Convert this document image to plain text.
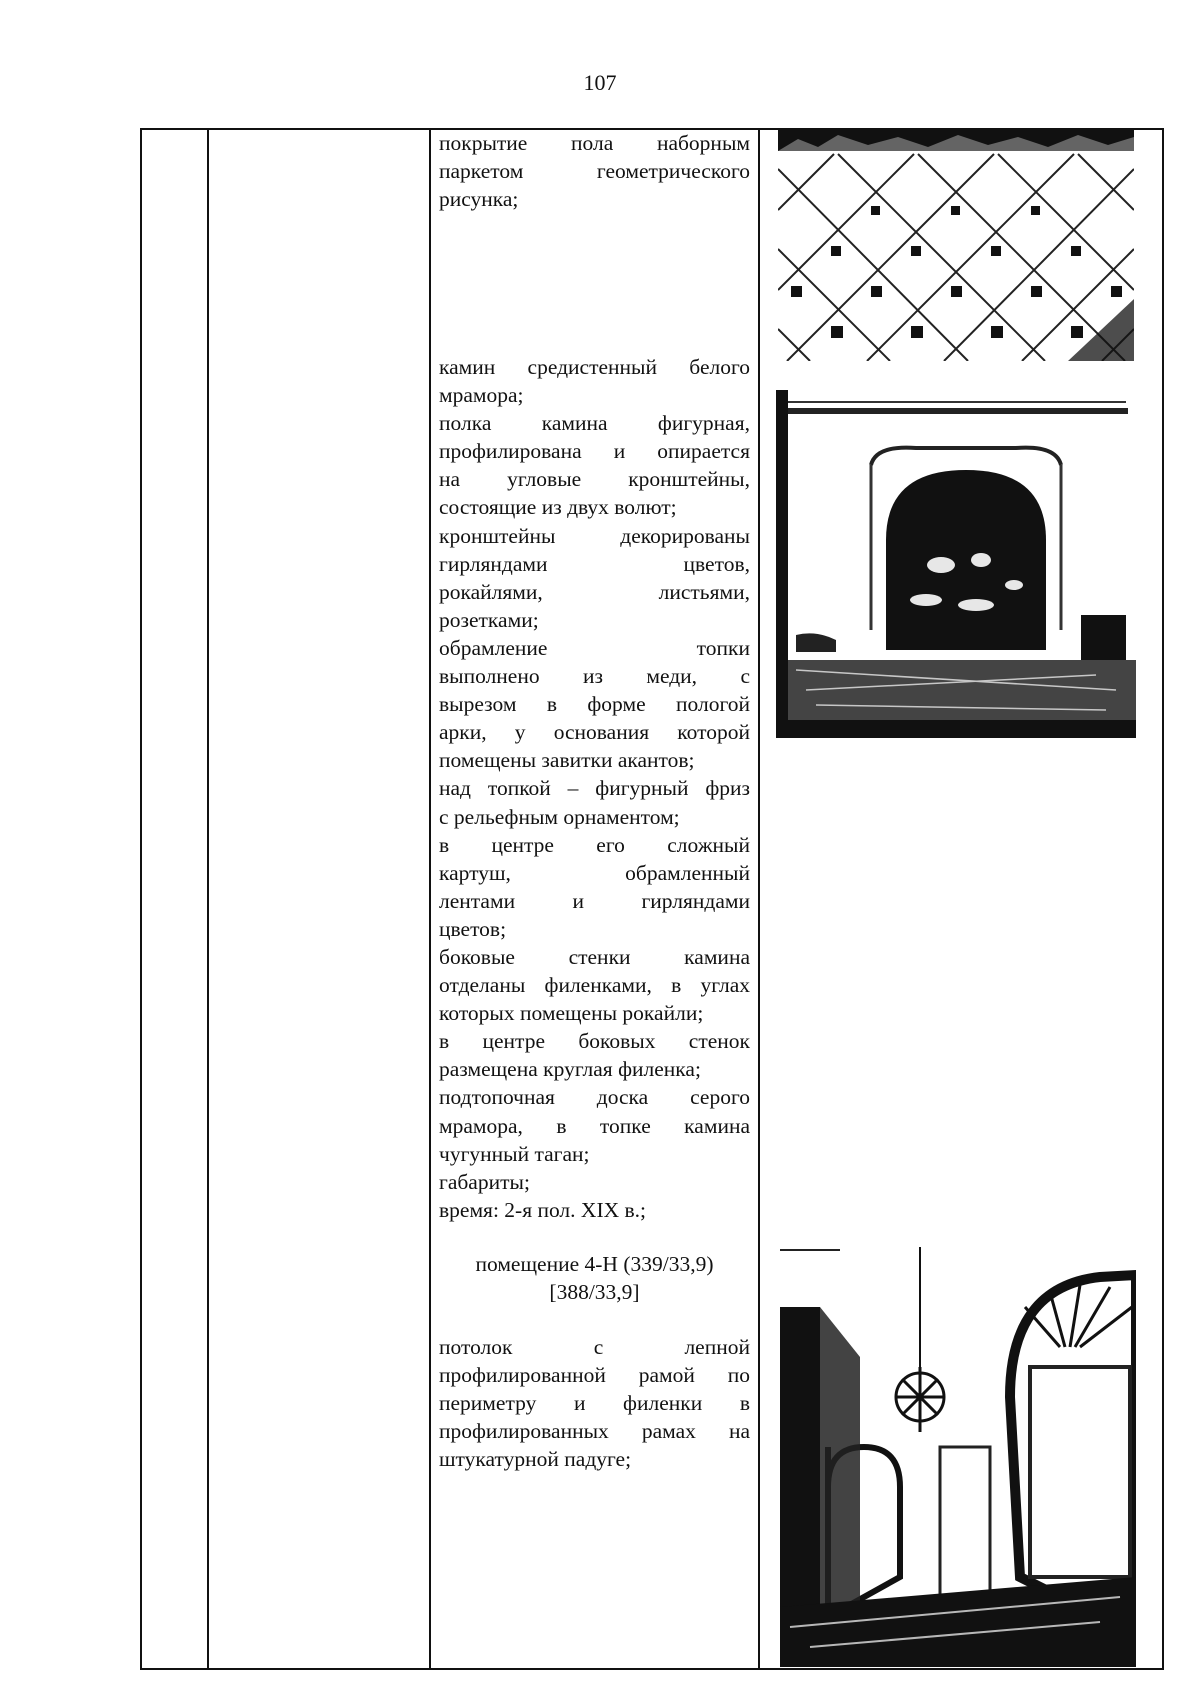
107

покрытие пола наборным

паркетом геометрического

рисунка;

камин средистенный белого

мрамора;

полка камина фигурная,

профилирована и опирается

на угловые кронштейны,

состоящие из двух волют;

кронштейны декорированы

гирляндами цветов,

рокайлями, листьями,

розетками;

обрамление топки

выполнено из меди, с

вырезом в форме пологой

арки, у основания которой

помещены завитки акантов;

над топкой – фигурный фриз

с рельефным орнаментом;

в центре его сложный

картуш, обрамленный

лентами и гирляндами

цветов;

боковые стенки камина

отделаны филенками, в углах

которых помещены рокайли;

в центре боковых стенок

размещена круглая филенка;

подтопочная доска серого

мрамора, в топке камина

чугунный таган;

габариты;

время: 2-я пол. XIX в.;

помещение 4-Н (339/33,9)
[388/33,9]

потолок с лепной

профилированной рамой по

периметру и филенки в

профилированных рамах на

штукатурной падуге;
